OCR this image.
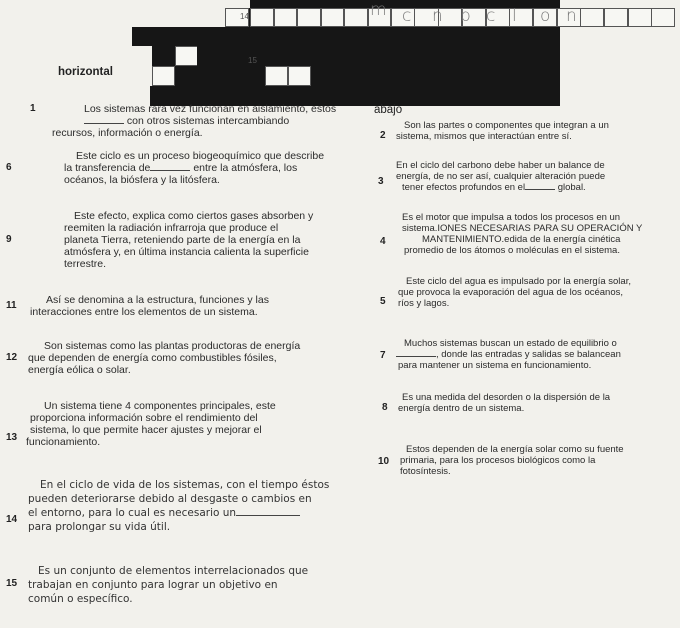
14
15
m c n b c l o n
horizontal
abajo
1	Los sistemas rara vez funcionan en aislamiento, estos
con otros sistemas intercambiando
recursos, información o energía.
6
Este ciclo es un proceso biogeoquímico que describe
la transferencia de	entre la atmósfera, los
océanos, la biósfera y la litósfera.
9
Este efecto, explica como ciertos gases absorben y
reemiten la radiación infrarroja que produce el
planeta Tierra, reteniendo parte de la energía en la
atmósfera y, en última instancia calienta la superficie
terrestre.
11	Así se denomina a la estructura, funciones y las
interacciones entre los elementos de un sistema.
12
Son sistemas como las plantas productoras de energía
que dependen de energía como combustibles fósiles,
energía eólica o solar.
13
Un sistema tiene 4 componentes principales, este
proporciona información sobre el rendimiento del
sistema, lo que permite hacer ajustes y mejorar el
funcionamiento.
14
En el ciclo de vida de los sistemas, con el tiempo éstos
pueden deteriorarse debido al desgaste o cambios en
el entorno, para lo cual es necesario un
para prolongar su vida útil.
15
Es un conjunto de elementos interrelacionados que
trabajan en conjunto para lograr un objetivo en
común o específico.
2
Son las partes o componentes que integran a un
sistema, mismos que interactúan entre sí.
3
En el ciclo del carbono debe haber un balance de
energía, de no ser así, cualquier alteración puede
tener efectos profundos en el	global.
4
Es el motor que impulsa a todos los procesos en un
sistema.IONES NECESARIAS PARA SU OPERACIÓN Y
MANTENIMIENTO.edida de la energía cinética
promedio de los átomos o moléculas en el sistema.
5
Este ciclo del agua es impulsado por la energía solar,
que provoca la evaporación del agua de los océanos,
ríos y lagos.
7
Muchos sistemas buscan un estado de equilibrio o
, donde las entradas y salidas se balancean
para mantener un sistema en funcionamiento.
8
Es una medida del desorden o la dispersión de la
energía dentro de un sistema.
10
Estos dependen de la energía solar como su fuente
primaria, para los procesos biológicos como la
fotosíntesis.
